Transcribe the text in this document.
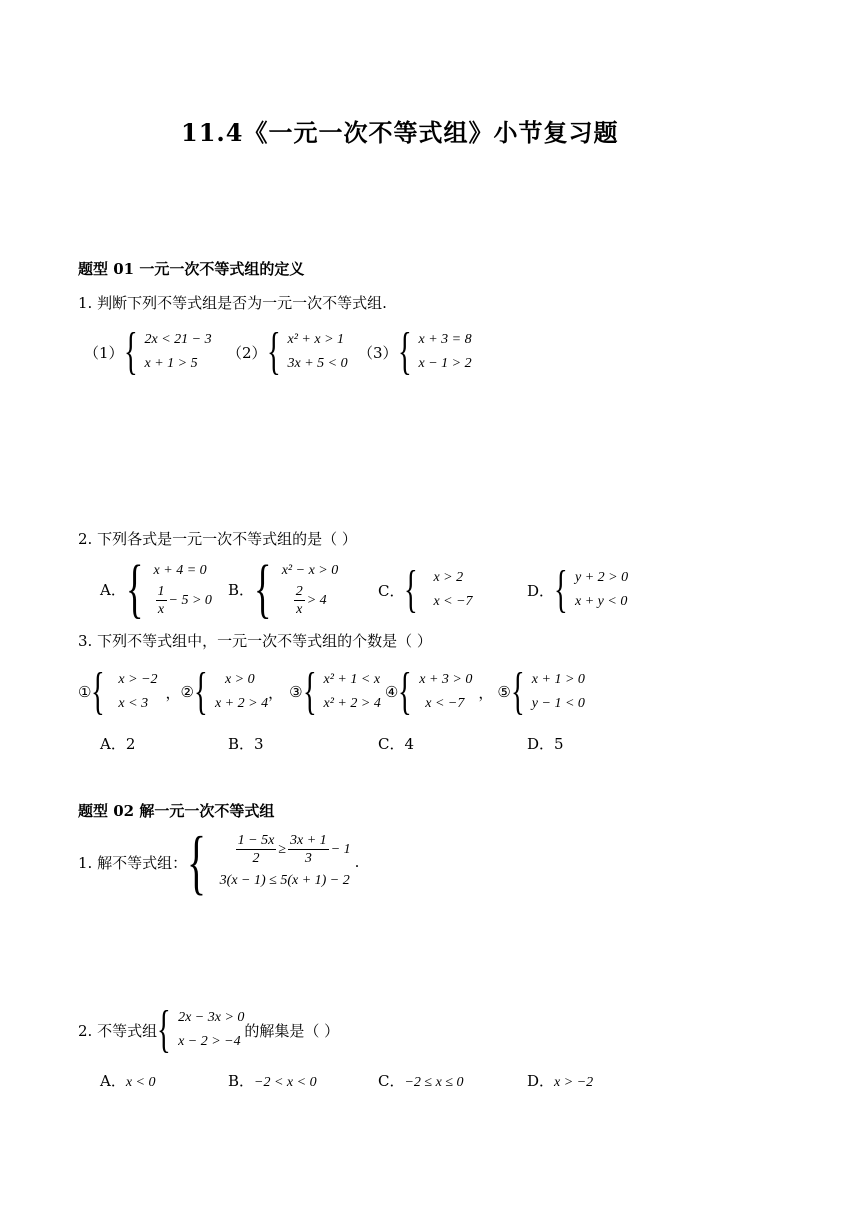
11.4《一元一次不等式组》小节复习题
题型 01 一元一次不等式组的定义
1. 判断下列不等式组是否为一元一次不等式组.
（1） { 2x < 21 − 3
x + 1 > 5
（2） { x² + x > 1
3x + 5 < 0
（3） { x + 3 = 8
x − 1 > 2
2. 下列各式是一元一次不等式组的是（ ）
A． { x + 4 = 0
$\frac{1}{x} - 5 > 0$
B． { x² − x > 0
$\frac{2}{x} > 4$
C． { x > 2
x < −7
D． { y + 2 > 0
x + y < 0
3. 下列不等式组中，一元一次不等式组的个数是（ ）
① { x > −2
x < 3
， ② {	x > 0
x + 2 > 4
， ③ { x² + 1 < x
x² + 2 > 4
④ { x + 3 > 0
x < −7
， ⑤ { x + 1 > 0
y − 1 < 0
A．2	B．3	C．4	D．5
题型 02 解一元一次不等式组
1. 解不等式组： { $\frac{1 - 5x}{2} \ge \frac{3x + 1}{3} - 1$
3(x − 1) ≤ 5(x + 1) − 2
.
2. 不等式组 { 2x − 3x > 0
x − 2 > −4
的解集是（ ）
A．x < 0	B．−2 < x < 0	C．−2 ≤ x ≤ 0	D．x > −2
